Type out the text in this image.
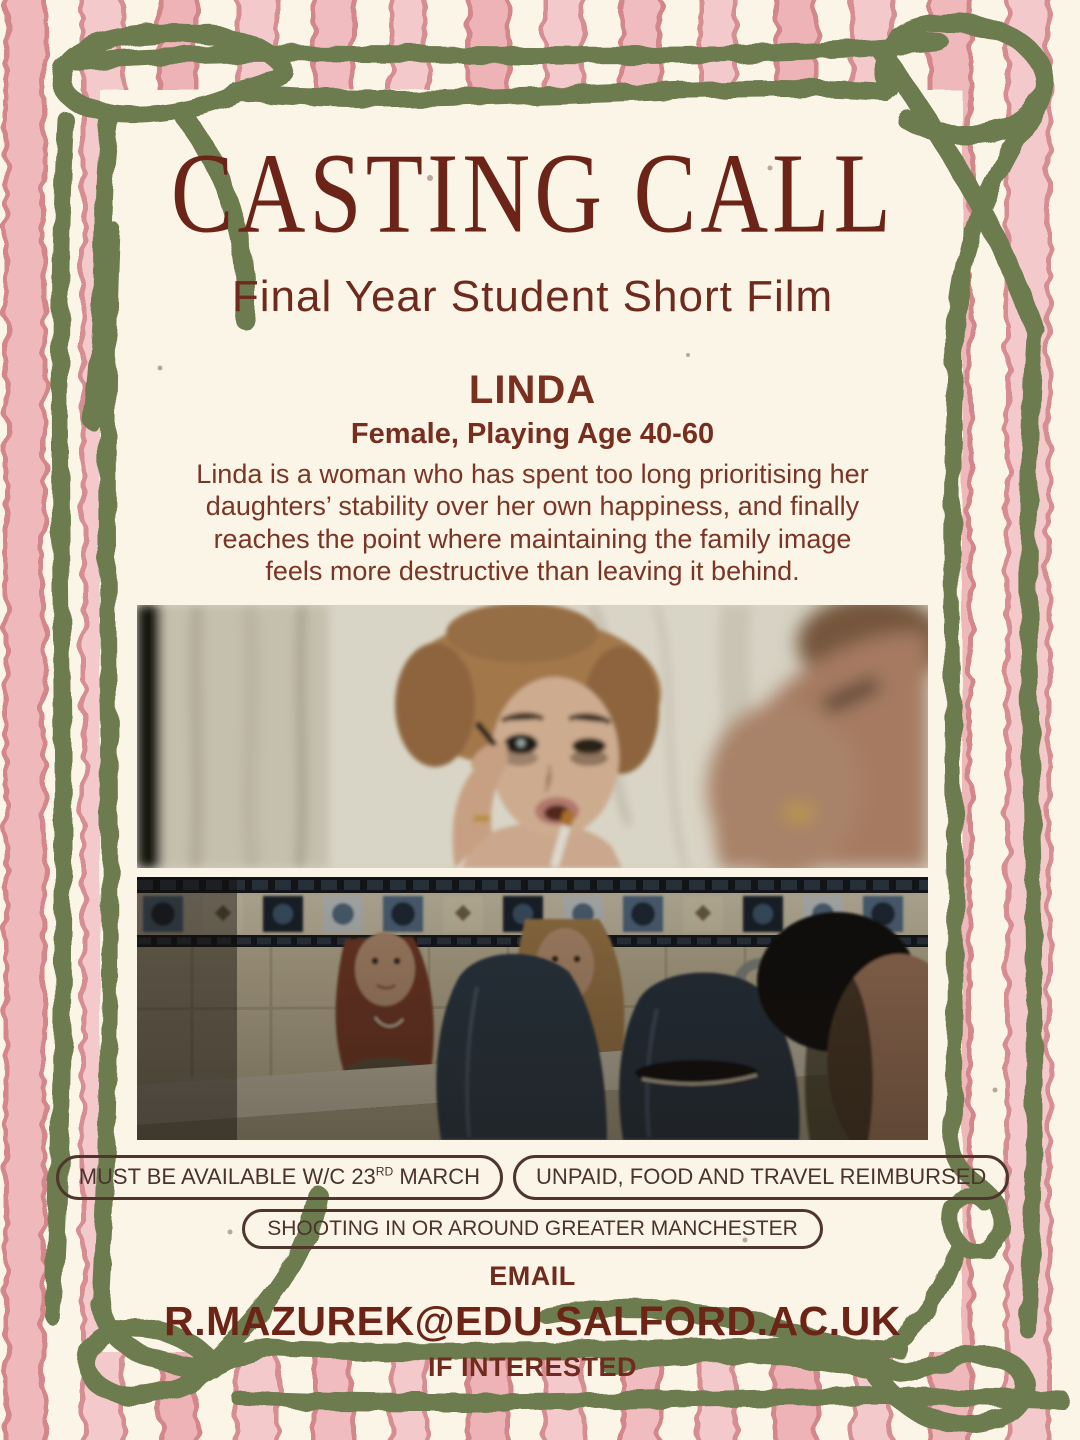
CASTING CALL
Final Year Student Short Film
LINDA
Female, Playing Age 40-60
Linda is a woman who has spent too long prioritising her
daughters’ stability over her own happiness, and finally
reaches the point where maintaining the family image
feels more destructive than leaving it behind.
MUST BE AVAILABLE W/C 23RD MARCH	UNPAID, FOOD AND TRAVEL REIMBURSED
SHOOTING IN OR AROUND GREATER MANCHESTER
EMAIL
R.MAZUREK@EDU.SALFORD.AC.UK
IF INTERESTED
